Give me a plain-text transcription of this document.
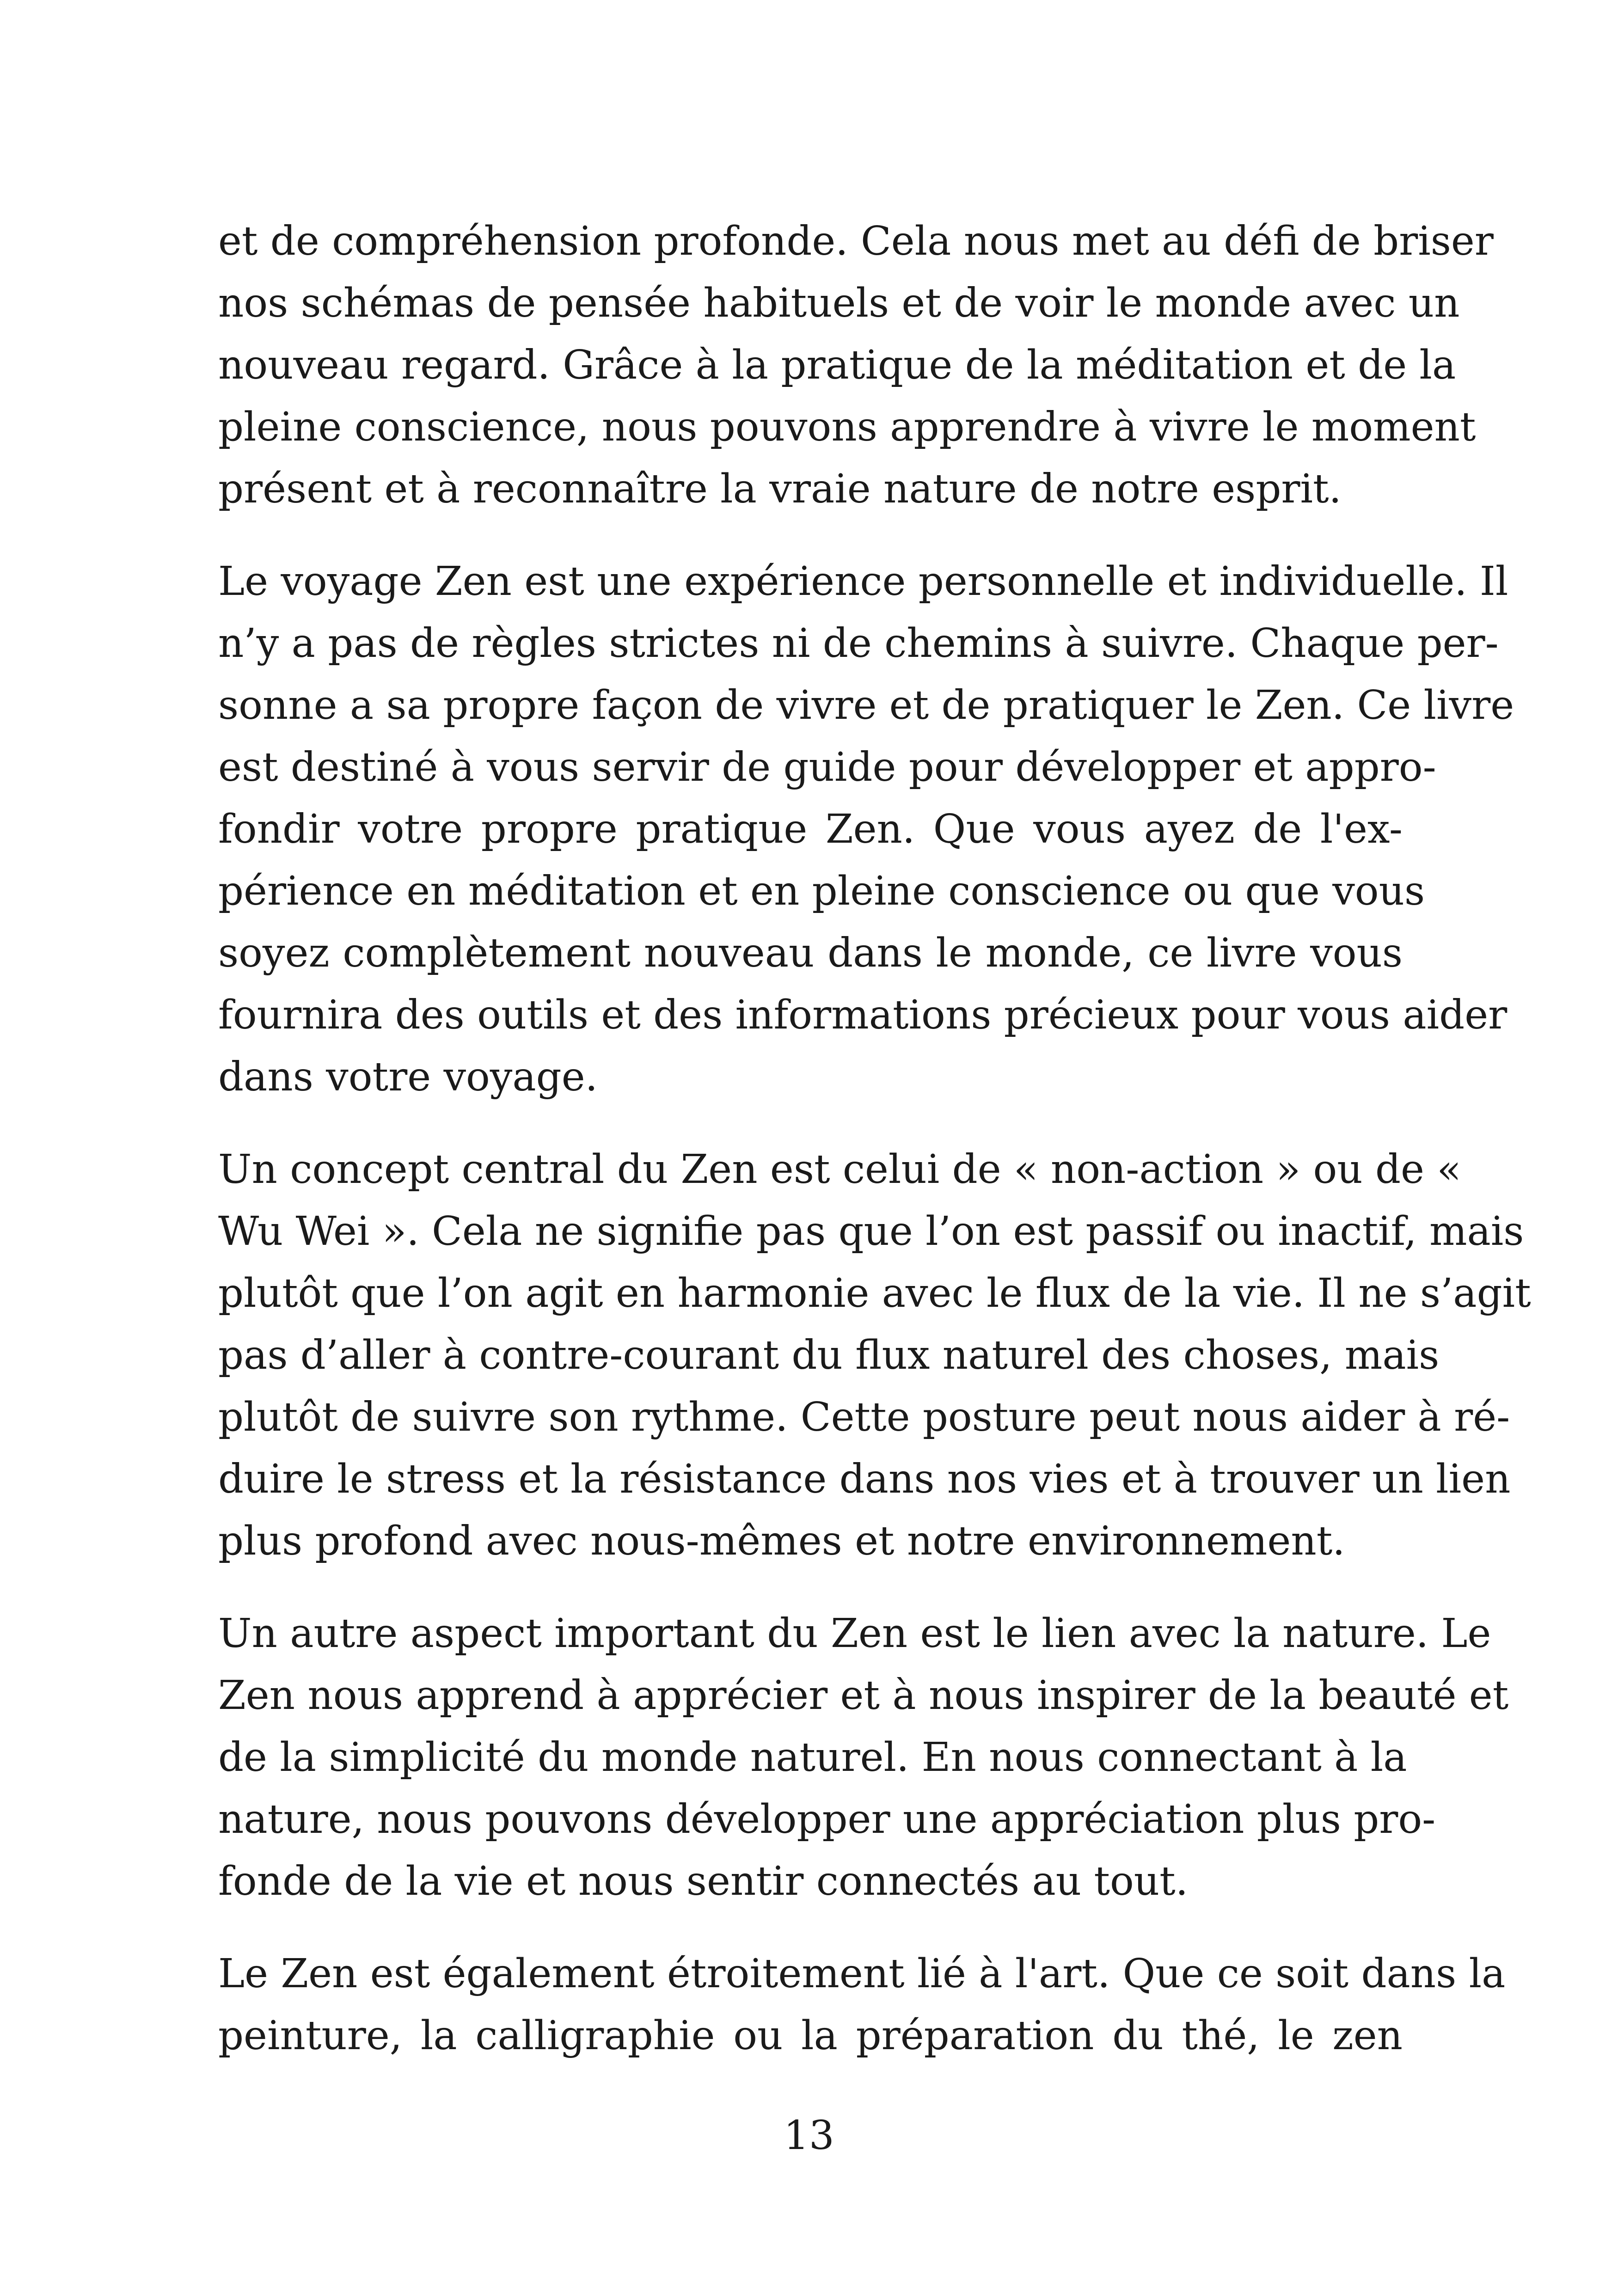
et de compréhension profonde. Cela nous met au défi de briser
nos schémas de pensée habituels et de voir le monde avec un
nouveau regard. Grâce à la pratique de la méditation et de la
pleine conscience, nous pouvons apprendre à vivre le moment
présent et à reconnaître la vraie nature de notre esprit.

Le voyage Zen est une expérience personnelle et individuelle. Il
n’y a pas de règles strictes ni de chemins à suivre. Chaque per-
sonne a sa propre façon de vivre et de pratiquer le Zen. Ce livre
est destiné à vous servir de guide pour développer et appro-
fondir votre propre pratique Zen. Que vous ayez de l'ex-
périence en méditation et en pleine conscience ou que vous
soyez complètement nouveau dans le monde, ce livre vous
fournira des outils et des informations précieux pour vous aider
dans votre voyage.

Un concept central du Zen est celui de « non-action » ou de «
Wu Wei ». Cela ne signifie pas que l’on est passif ou inactif, mais
plutôt que l’on agit en harmonie avec le flux de la vie. Il ne s’agit
pas d’aller à contre-courant du flux naturel des choses, mais
plutôt de suivre son rythme. Cette posture peut nous aider à ré-
duire le stress et la résistance dans nos vies et à trouver un lien
plus profond avec nous-mêmes et notre environnement.

Un autre aspect important du Zen est le lien avec la nature. Le
Zen nous apprend à apprécier et à nous inspirer de la beauté et
de la simplicité du monde naturel. En nous connectant à la
nature, nous pouvons développer une appréciation plus pro-
fonde de la vie et nous sentir connectés au tout.

Le Zen est également étroitement lié à l'art. Que ce soit dans la
peinture, la calligraphie ou la préparation du thé, le zen

13
